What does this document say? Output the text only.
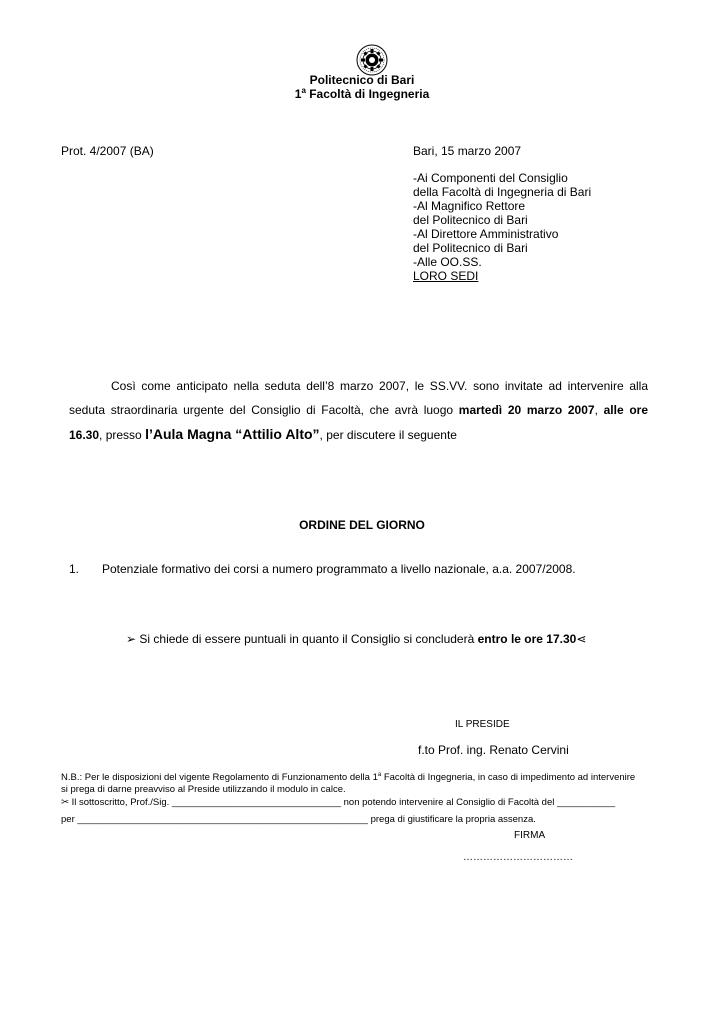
Politecnico di Bari
1$^a$ Facoltà di Ingegneria
Prot. 4/2007 (BA)	Bari, 15 marzo 2007
-Ai Componenti del Consiglio
della Facoltà di Ingegneria di Bari
-Al Magnifico Rettore
del Politecnico di Bari
-Al Direttore Amministrativo
del Politecnico di Bari
-Alle OO.SS.
LORO SEDI
Così come anticipato nella seduta dell’8 marzo 2007, le SS.VV. sono invitate ad intervenire alla seduta straordinaria urgente del Consiglio di Facoltà, che avrà luogo martedì 20 marzo 2007, alle ore 16.30, presso l’Aula Magna “Attilio Alto”, per discutere il seguente
ORDINE DEL GIORNO
1. Potenziale formativo dei corsi a numero programmato a livello nazionale, a.a. 2007/2008.
➢ Si chiede di essere puntuali in quanto il Consiglio si concluderà entro le ore 17.30⋖
IL PRESIDE
f.to Prof. ing. Renato Cervini
N.B.: Per le disposizioni del vigente Regolamento di Funzionamento della 1$^a$ Facoltà di Ingegneria, in caso di impedimento ad intervenire
si prega di darne preavviso al Preside utilizzando il modulo in calce.
✂ Il sottoscritto, Prof./Sig. ________________________________ non potendo intervenire al Consiglio di Facoltà del ___________
per _______________________________________________________ prega di giustificare la propria assenza.
FIRMA
……………………………
